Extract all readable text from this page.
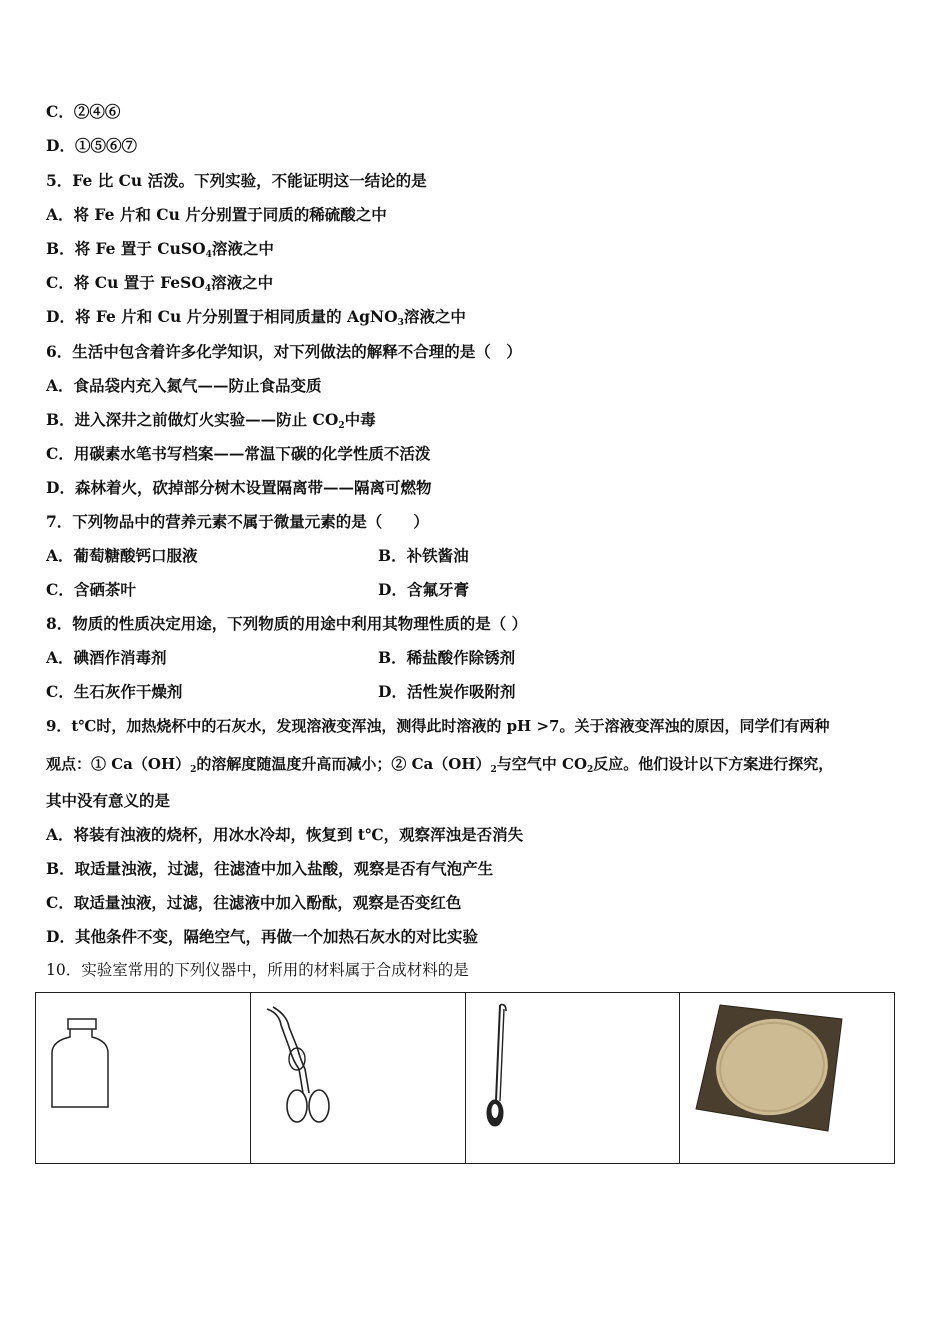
C．②④⑥
D．①⑤⑥⑦
5．Fe 比 Cu 活泼。下列实验，不能证明这一结论的是
A．将 Fe 片和 Cu 片分别置于同质的稀硫酸之中
B．将 Fe 置于 CuSO$_4$溶液之中
C．将 Cu 置于 FeSO$_4$溶液之中
D．将 Fe 片和 Cu 片分别置于相同质量的 AgNO$_3$溶液之中
6．生活中包含着许多化学知识，对下列做法的解释不合理的是（　）
A．食品袋内充入氮气——防止食品变质
B．进入深井之前做灯火实验——防止 $CO_2$中毒
C．用碳素水笔书写档案——常温下碳的化学性质不活泼
D．森林着火，砍掉部分树木设置隔离带——隔离可燃物
7．下列物品中的营养元素不属于微量元素的是（　　）
A．葡萄糖酸钙口服液	B．补铁酱油
C．含硒茶叶	D．含氟牙膏
8．物质的性质决定用途，下列物质的用途中利用其物理性质的是（ ）
A．碘酒作消毒剂	B．稀盐酸作除锈剂
C．生石灰作干燥剂	D．活性炭作吸附剂
9．t℃时，加热烧杯中的石灰水，发现溶液变浑浊，测得此时溶液的 pH >7。关于溶液变浑浊的原因，同学们有两种
观点：① $Ca(OH)_2$的溶解度随温度升高而减小；② $Ca(OH)_2$与空气中 $CO_2$反应。他们设计以下方案进行探究，
其中没有意义的是
A．将装有浊液的烧杯，用冰水冷却，恢复到 t℃，观察浑浊是否消失
B．取适量浊液，过滤，往滤渣中加入盐酸，观察是否有气泡产生
C．取适量浊液，过滤，往滤液中加入酚酞，观察是否变红色
D．其他条件不变，隔绝空气，再做一个加热石灰水的对比实验
10．实验室常用的下列仪器中，所用的材料属于合成材料的是
